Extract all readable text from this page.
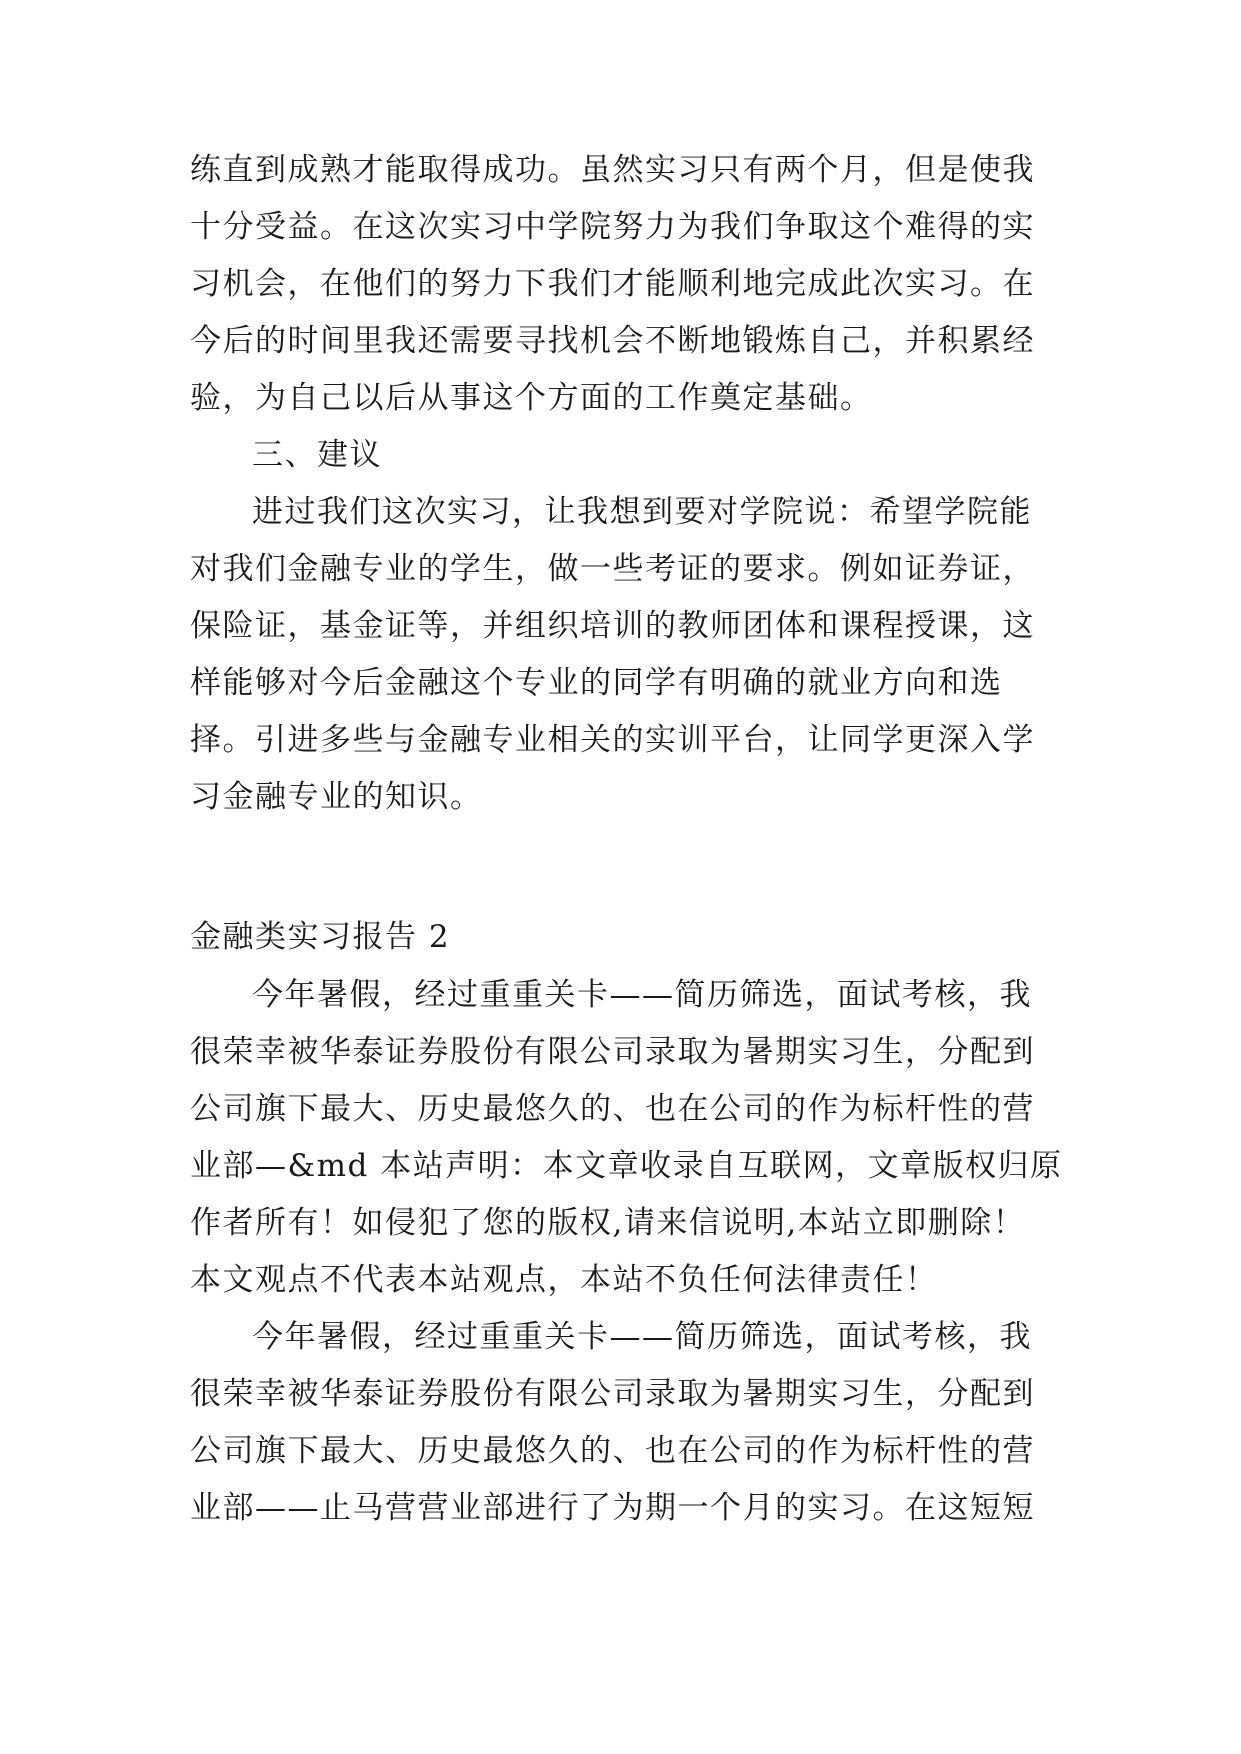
练直到成熟才能取得成功。虽然实习只有两个月，但是使我
十分受益。在这次实习中学院努力为我们争取这个难得的实
习机会，在他们的努力下我们才能顺利地完成此次实习。在
今后的时间里我还需要寻找机会不断地锻炼自己，并积累经
验，为自己以后从事这个方面的工作奠定基础。
三、建议
进过我们这次实习，让我想到要对学院说：希望学院能
对我们金融专业的学生，做一些考证的要求。例如证券证，
保险证，基金证等，并组织培训的教师团体和课程授课，这
样能够对今后金融这个专业的同学有明确的就业方向和选
择。引进多些与金融专业相关的实训平台，让同学更深入学
习金融专业的知识。
金融类实习报告 2
今年暑假，经过重重关卡——简历筛选，面试考核，我
很荣幸被华泰证券股份有限公司录取为暑期实习生，分配到
公司旗下最大、历史最悠久的、也在公司的作为标杆性的营
业部—&md 本站声明：本文章收录自互联网，文章版权归原
作者所有！如侵犯了您的版权,请来信说明,本站立即删除！
本文观点不代表本站观点，本站不负任何法律责任！
今年暑假，经过重重关卡——简历筛选，面试考核，我
很荣幸被华泰证券股份有限公司录取为暑期实习生，分配到
公司旗下最大、历史最悠久的、也在公司的作为标杆性的营
业部——止马营营业部进行了为期一个月的实习。在这短短
